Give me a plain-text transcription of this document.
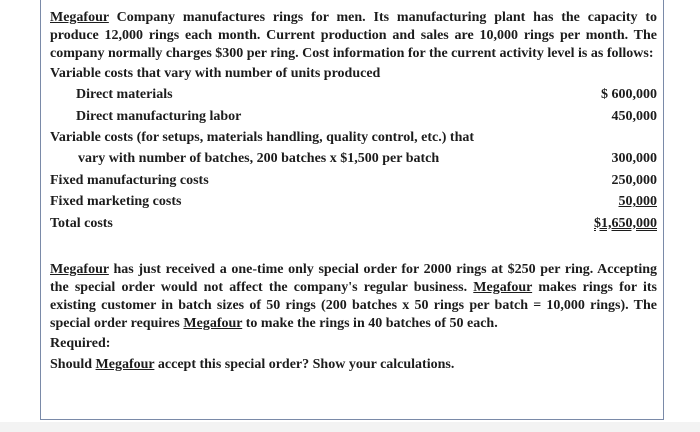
Megafour Company manufactures rings for men. Its manufacturing plant has the capacity to produce 12,000 rings each month. Current production and sales are 10,000 rings per month. The company normally charges $300 per ring. Cost information for the current activity level is as follows:
Variable costs that vary with number of units produced
Direct materials	$ 600,000
Direct manufacturing labor	450,000
Variable costs (for setups, materials handling, quality control, etc.) that
vary with number of batches, 200 batches x $1,500 per batch	300,000
Fixed manufacturing costs	250,000
Fixed marketing costs	50,000
Total costs	$1,650,000
Megafour has just received a one-time only special order for 2000 rings at $250 per ring. Accepting the special order would not affect the company's regular business. Megafour makes rings for its existing customer in batch sizes of 50 rings (200 batches x 50 rings per batch = 10,000 rings). The special order requires Megafour to make the rings in 40 batches of 50 each.
Required:
Should Megafour accept this special order? Show your calculations.
